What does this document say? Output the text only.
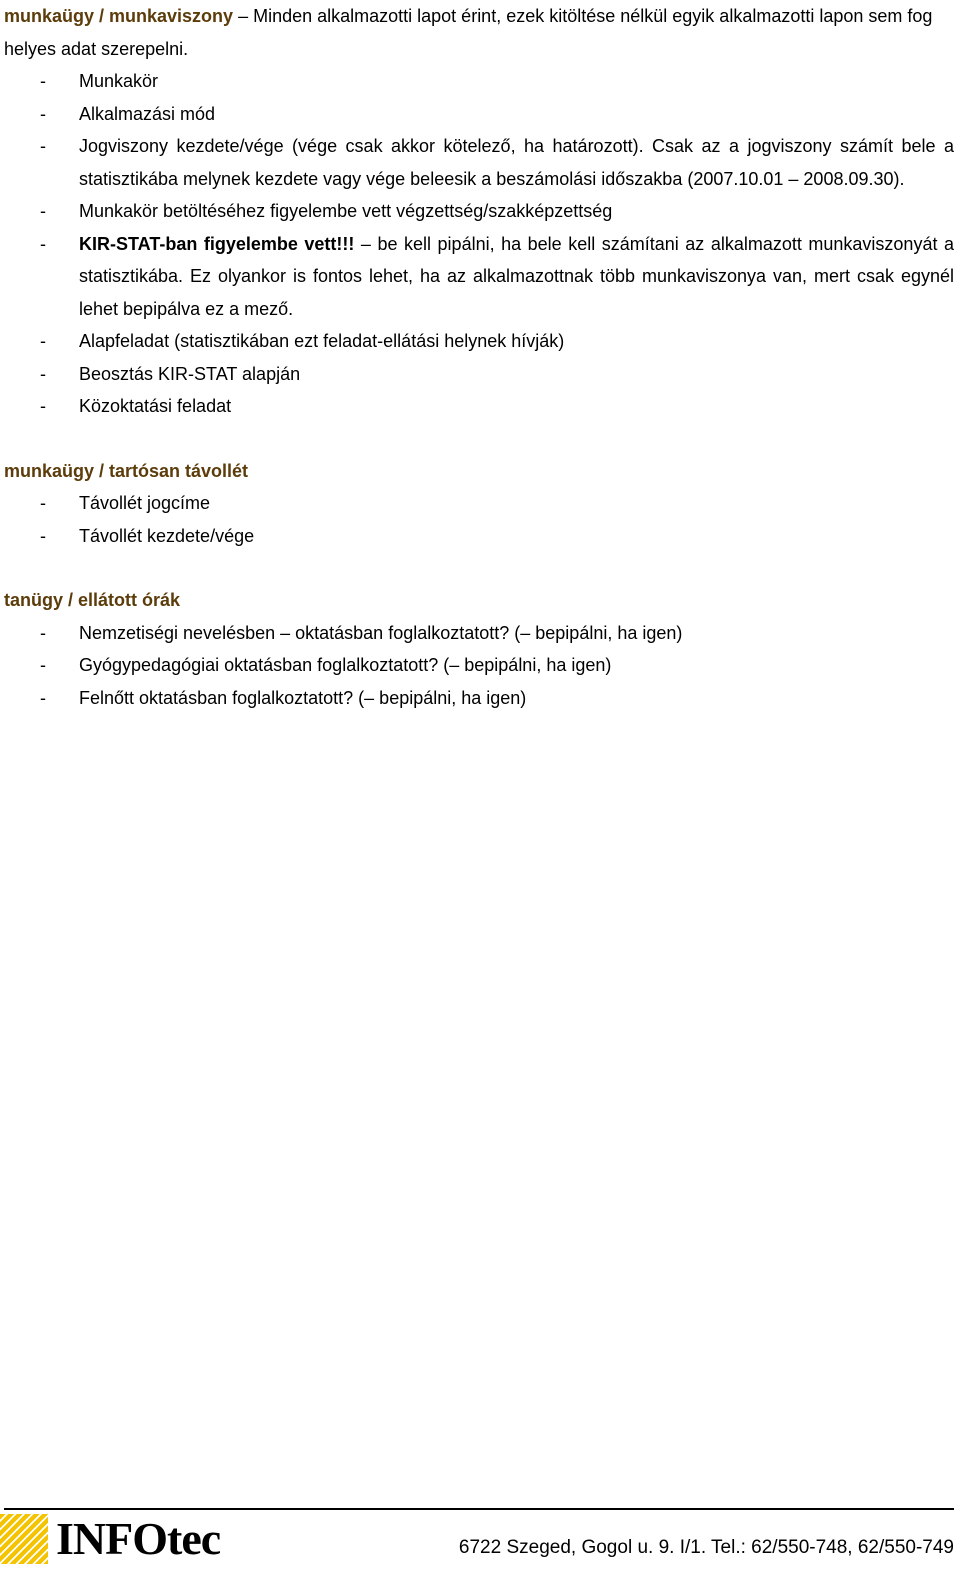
munkaügy / munkaviszony – Minden alkalmazotti lapot érint, ezek kitöltése nélkül egyik alkalmazotti lapon sem fog helyes adat szerepelni.

- Munkakör
- Alkalmazási mód
- Jogviszony kezdete/vége (vége csak akkor kötelező, ha határozott). Csak az a jogviszony számít bele a statisztikába melynek kezdete vagy vége beleesik a beszámolási időszakba (2007.10.01 – 2008.09.30).
- Munkakör betöltéséhez figyelembe vett végzettség/szakképzettség
- KIR-STAT-ban figyelembe vett!!! – be kell pipálni, ha bele kell számítani az alkalmazott munkaviszonyát a statisztikába. Ez olyankor is fontos lehet, ha az alkalmazottnak több munkaviszonya van, mert csak egynél lehet bepipálva ez a mező.
- Alapfeladat (statisztikában ezt feladat-ellátási helynek hívják)
- Beosztás KIR-STAT alapján
- Közoktatási feladat

munkaügy / tartósan távollét

- Távollét jogcíme
- Távollét kezdete/vége

tanügy / ellátott órák

- Nemzetiségi nevelésben – oktatásban foglalkoztatott? (– bepipálni, ha igen)
- Gyógypedagógiai oktatásban foglalkoztatott? (– bepipálni, ha igen)
- Felnőtt oktatásban foglalkoztatott? (– bepipálni, ha igen)
INFOtec	6722 Szeged, Gogol u. 9. I/1. Tel.: 62/550-748, 62/550-749
